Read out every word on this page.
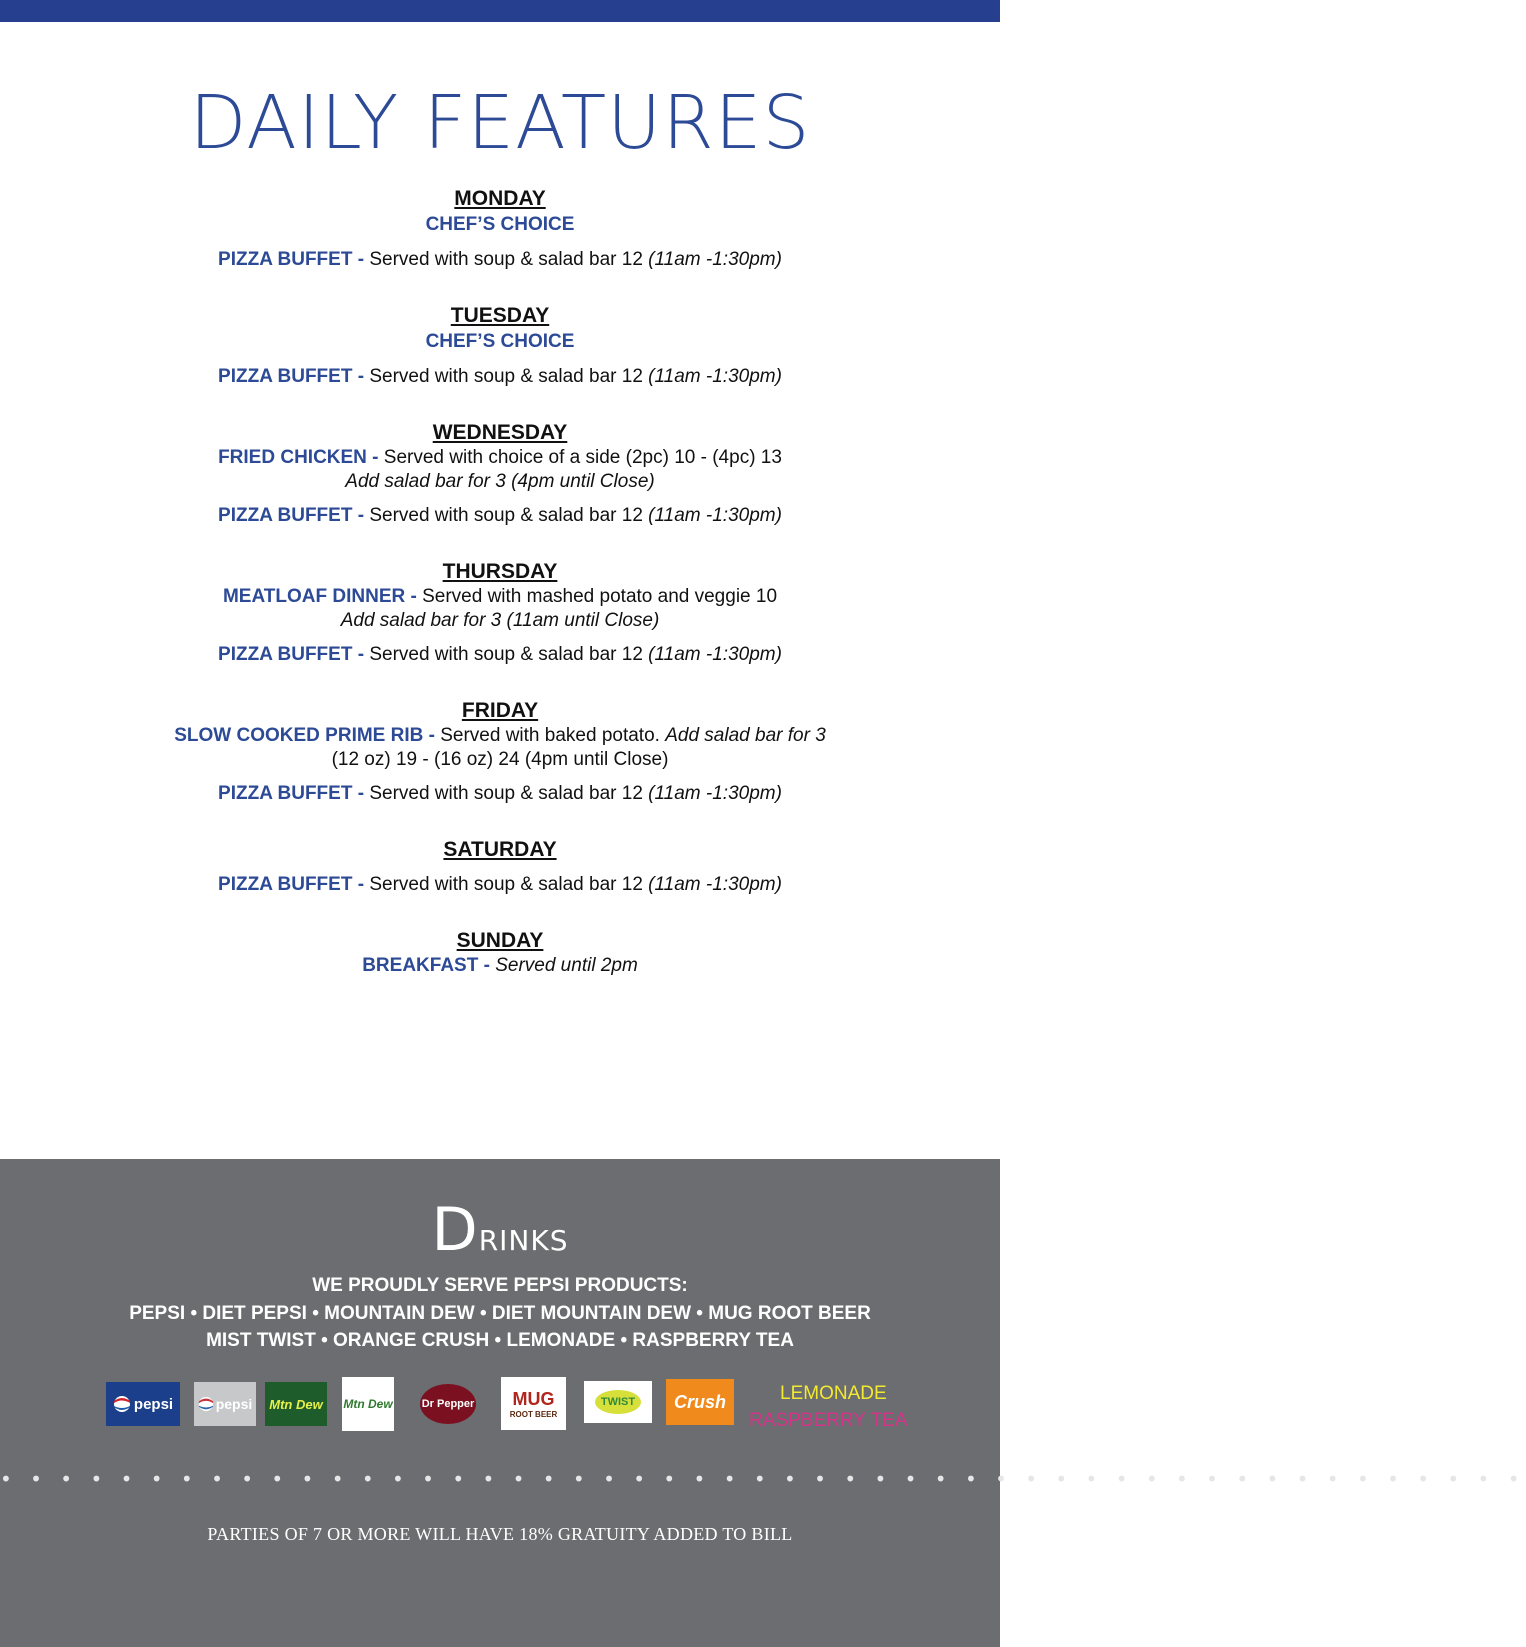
DAILY FEATURES
MONDAY
CHEF’S CHOICE
PIZZA BUFFET - Served with soup & salad bar 12 (11am -1:30pm)
TUESDAY
CHEF’S CHOICE
PIZZA BUFFET - Served with soup & salad bar 12 (11am -1:30pm)
WEDNESDAY
FRIED CHICKEN - Served with choice of a side (2pc) 10 - (4pc) 13
Add salad bar for 3 (4pm until Close)
PIZZA BUFFET - Served with soup & salad bar 12 (11am -1:30pm)
THURSDAY
MEATLOAF DINNER - Served with mashed potato and veggie 10
Add salad bar for 3 (11am until Close)
PIZZA BUFFET - Served with soup & salad bar 12 (11am -1:30pm)
FRIDAY
SLOW COOKED PRIME RIB - Served with baked potato. Add salad bar for 3
(12 oz) 19 - (16 oz) 24 (4pm until Close)
PIZZA BUFFET - Served with soup & salad bar 12 (11am -1:30pm)
SATURDAY
PIZZA BUFFET - Served with soup & salad bar 12 (11am -1:30pm)
SUNDAY
BREAKFAST - Served until 2pm
Drinks
WE PROUDLY SERVE PEPSI PRODUCTS:
PEPSI • DIET PEPSI • MOUNTAIN DEW • DIET MOUNTAIN DEW • MUG ROOT BEER
MIST TWIST • ORANGE CRUSH • LEMONADE • RASPBERRY TEA
pepsi	pepsi Mtn Dew Mtn Dew	Dr Pepper MUG
ROOT BEER
TWIST	Crush	LEMONADE
RASPBERRY TEA
• • • • • • • • • • • • • • • • • • • • • • • • • • • • • • • • • • • • • • • • • • • • • • • • • • •
PARTIES OF 7 OR MORE WILL HAVE 18% GRATUITY ADDED TO BILL
